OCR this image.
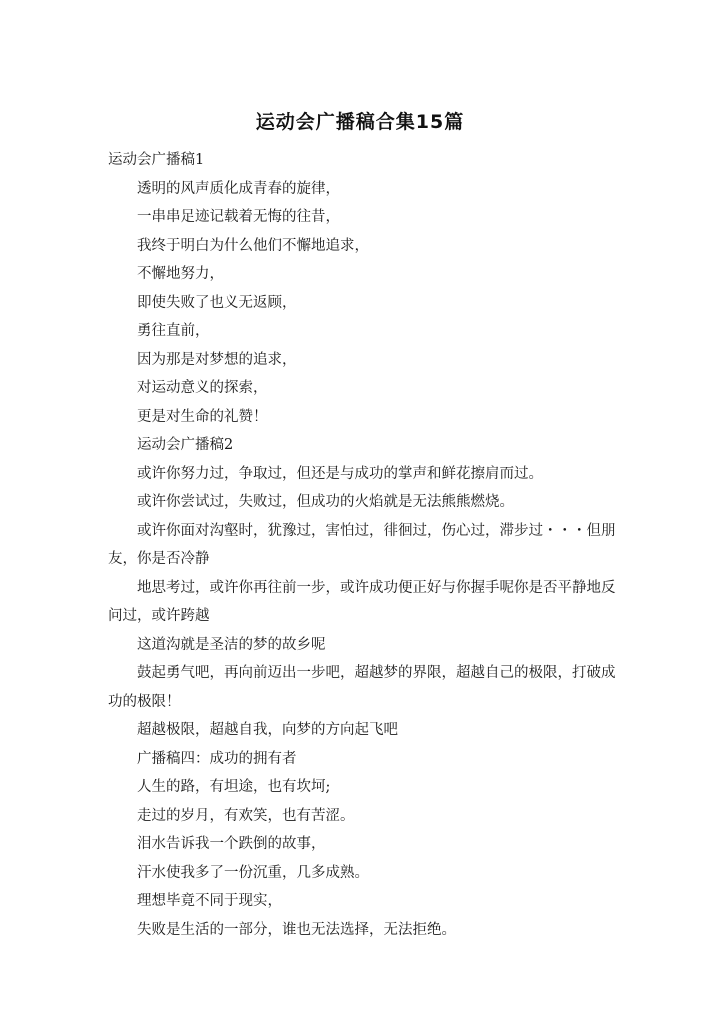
运动会广播稿合集15篇

运动会广播稿1

透明的风声质化成青春的旋律，

一串串足迹记载着无悔的往昔，

我终于明白为什么他们不懈地追求，

不懈地努力，

即使失败了也义无返顾，

勇往直前，

因为那是对梦想的追求，

对运动意义的探索，

更是对生命的礼赞！

运动会广播稿2

或许你努力过，争取过，但还是与成功的掌声和鲜花擦肩而过。

或许你尝试过，失败过，但成功的火焰就是无法熊熊燃烧。

或许你面对沟壑时，犹豫过，害怕过，徘徊过，伤心过，滞步过・・・但朋友，你是否冷静

地思考过，或许你再往前一步，或许成功便正好与你握手呢你是否平静地反问过，或许跨越

这道沟就是圣洁的梦的故乡呢

鼓起勇气吧，再向前迈出一步吧，超越梦的界限，超越自己的极限，打破成功的极限！

超越极限，超越自我，向梦的方向起飞吧

广播稿四：成功的拥有者

人生的路，有坦途，也有坎坷;

走过的岁月，有欢笑，也有苦涩。

泪水告诉我一个跌倒的故事，

汗水使我多了一份沉重，几多成熟。

理想毕竟不同于现实，

失败是生活的一部分，谁也无法选择，无法拒绝。
